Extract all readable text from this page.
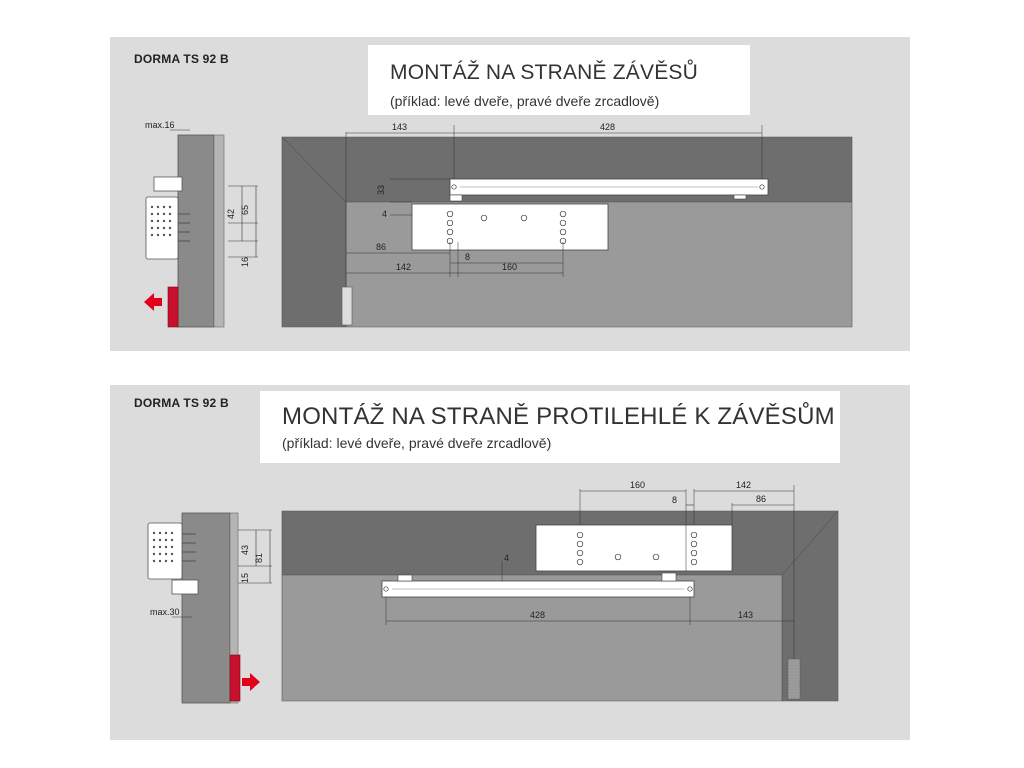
DORMA TS 92 B
MONTÁŽ NA STRANĚ ZÁVĚSŮ
(příklad: levé dveře, pravé dveře zrcadlově)
max.16
42 65
16
143	428
33
4
86
8
142	160
DORMA TS 92 B MONTÁŽ NA STRANĚ PROTILEHLÉ K ZÁVĚSŮM
(příklad: levé dveře, pravé dveře zrcadlově)
max.30
43
81
15
160
8
142
86
4
428	143
